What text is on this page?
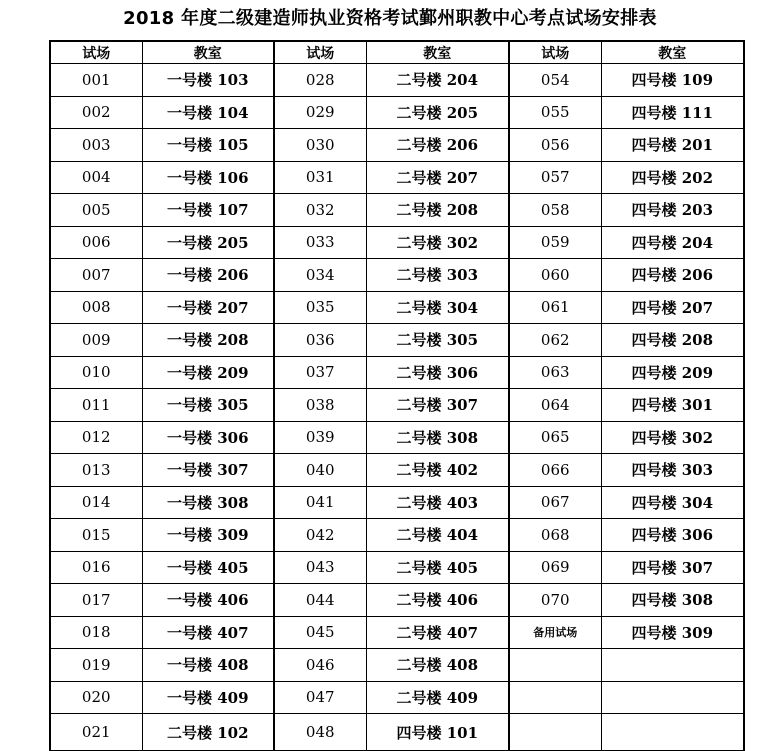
2018 年度二级建造师执业资格考试鄞州职教中心考点试场安排表
试场	教室	试场	教室	试场	教室
001	一号楼 103	028	二号楼 204	054	四号楼 109
002	一号楼 104	029	二号楼 205	055	四号楼 111
003	一号楼 105	030	二号楼 206	056	四号楼 201
004	一号楼 106	031	二号楼 207	057	四号楼 202
005	一号楼 107	032	二号楼 208	058	四号楼 203
006	一号楼 205	033	二号楼 302	059	四号楼 204
007	一号楼 206	034	二号楼 303	060	四号楼 206
008	一号楼 207	035	二号楼 304	061	四号楼 207
009	一号楼 208	036	二号楼 305	062	四号楼 208
010	一号楼 209	037	二号楼 306	063	四号楼 209
011	一号楼 305	038	二号楼 307	064	四号楼 301
012	一号楼 306	039	二号楼 308	065	四号楼 302
013	一号楼 307	040	二号楼 402	066	四号楼 303
014	一号楼 308	041	二号楼 403	067	四号楼 304
015	一号楼 309	042	二号楼 404	068	四号楼 306
016	一号楼 405	043	二号楼 405	069	四号楼 307
017	一号楼 406	044	二号楼 406	070	四号楼 308
018	一号楼 407	045	二号楼 407	备用试场	四号楼 309
019	一号楼 408	046	二号楼 408		
020	一号楼 409	047	二号楼 409		
021	二号楼 102	048	四号楼 101		
